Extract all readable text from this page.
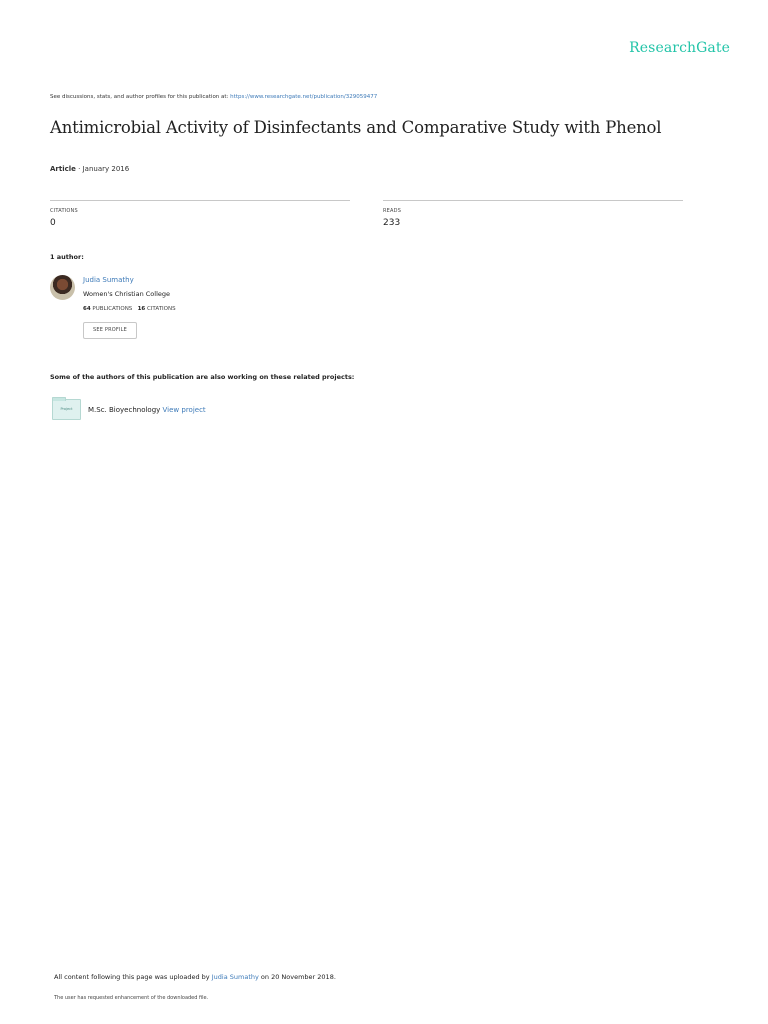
ResearchGate
See discussions, stats, and author profiles for this publication at: https://www.researchgate.net/publication/329059477
Antimicrobial Activity of Disinfectants and Comparative Study with Phenol
Article · January 2016
CITATIONS
0
READS
233
1 author:
Judia Sumathy
Women's Christian College
64 PUBLICATIONS 16 CITATIONS
SEE PROFILE
Some of the authors of this publication are also working on these related projects:
Project	M.Sc. Bioyechnology View project
All content following this page was uploaded by Judia Sumathy on 20 November 2018.
The user has requested enhancement of the downloaded file.
